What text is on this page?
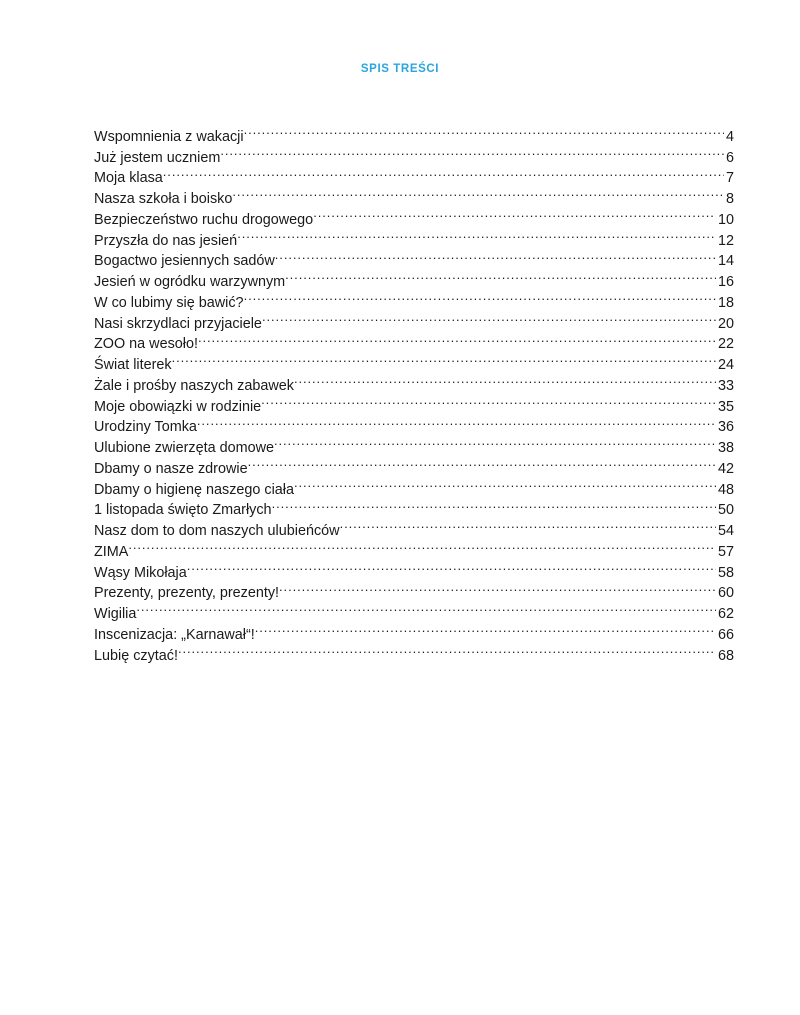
SPIS TREŚCI
Wspomnienia z wakacji .....	4
Już jestem uczniem .....	6
Moja klasa .....	7
Nasza szkoła i boisko .....	8
Bezpieczeństwo ruchu drogowego .....	10
Przyszła do nas jesień .....	12
Bogactwo jesiennych sadów .....	14
Jesień w ogródku warzywnym .....	16
W co lubimy się bawić? .....	18
Nasi skrzydlaci przyjaciele .....	20
ZOO na wesoło! .....	22
Świat literek .....	24
Żale i prośby naszych zabawek .....	33
Moje obowiązki w rodzinie .....	35
Urodziny Tomka .....	36
Ulubione zwierzęta domowe .....	38
Dbamy o nasze zdrowie .....	42
Dbamy o higienę naszego ciała .....	48
1 listopada święto Zmarłych .....	50
Nasz dom to dom naszych ulubieńców .....	54
ZIMA .....	57
Wąsy Mikołaja .....	58
Prezenty, prezenty, prezenty! .....	60
Wigilia .....	62
Inscenizacja: „Karnawał“! .....	66
Lubię czytać! .....	68
